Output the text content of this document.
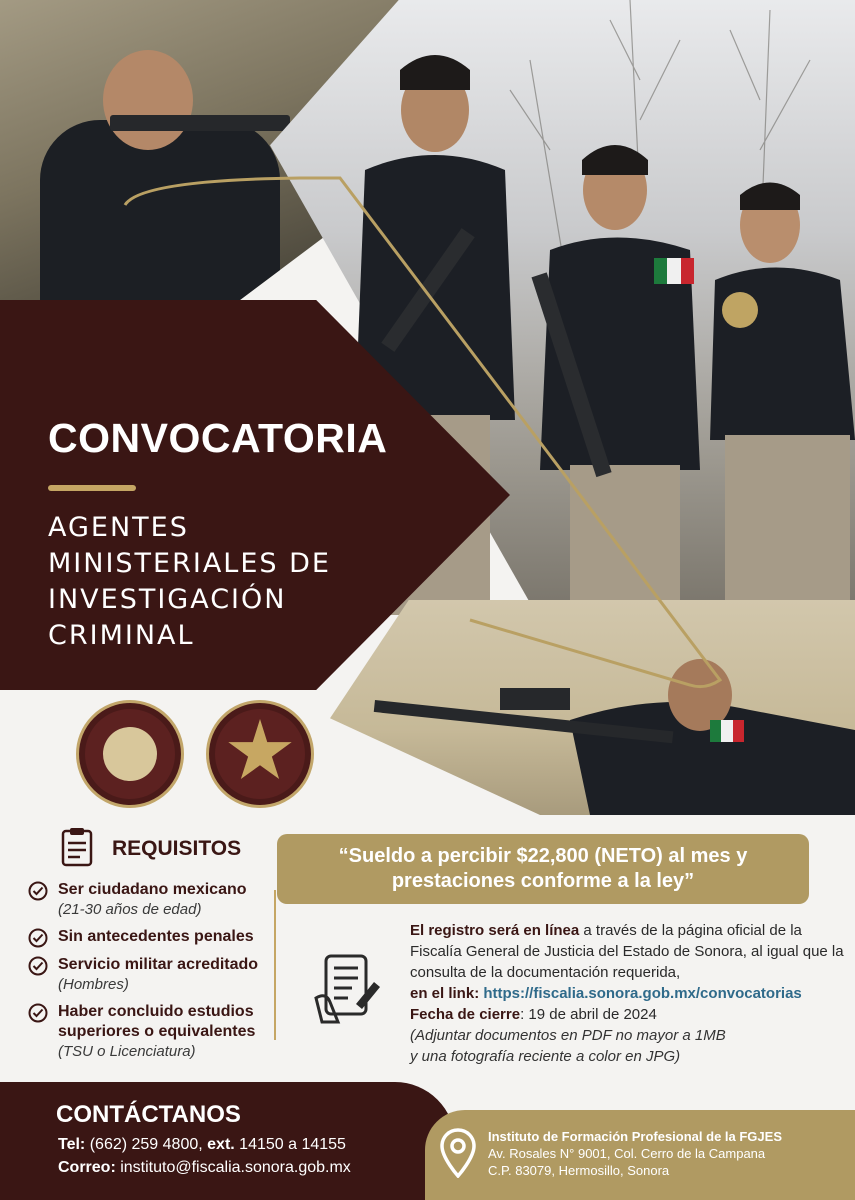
CONVOCATORIA
AGENTES
MINISTERIALES DE
INVESTIGACIÓN
CRIMINAL
REQUISITOS
Ser ciudadano mexicano
(21-30 años de edad)
Sin antecedentes penales
Servicio militar acreditado
(Hombres)
Haber concluido estudios superiores o equivalentes
(TSU o Licenciatura)
“Sueldo a percibir $22,800 (NETO) al mes y
prestaciones conforme a la ley”
El registro será en línea a través de la página oficial de la Fiscalía General de Justicia del Estado de Sonora, al igual que la consulta de la documentación requerida,
en el link: https://fiscalia.sonora.gob.mx/convocatorias
Fecha de cierre: 19 de abril de 2024
(Adjuntar documentos en PDF no mayor a 1MB
y una fotografía reciente a color en JPG)
CONTÁCTANOS
Tel: (662) 259 4800, ext. 14150 a 14155
Correo: instituto@fiscalia.sonora.gob.mx
Instituto de Formación Profesional de la FGJES
Av. Rosales N° 9001, Col. Cerro de la Campana
C.P. 83079, Hermosillo, Sonora
